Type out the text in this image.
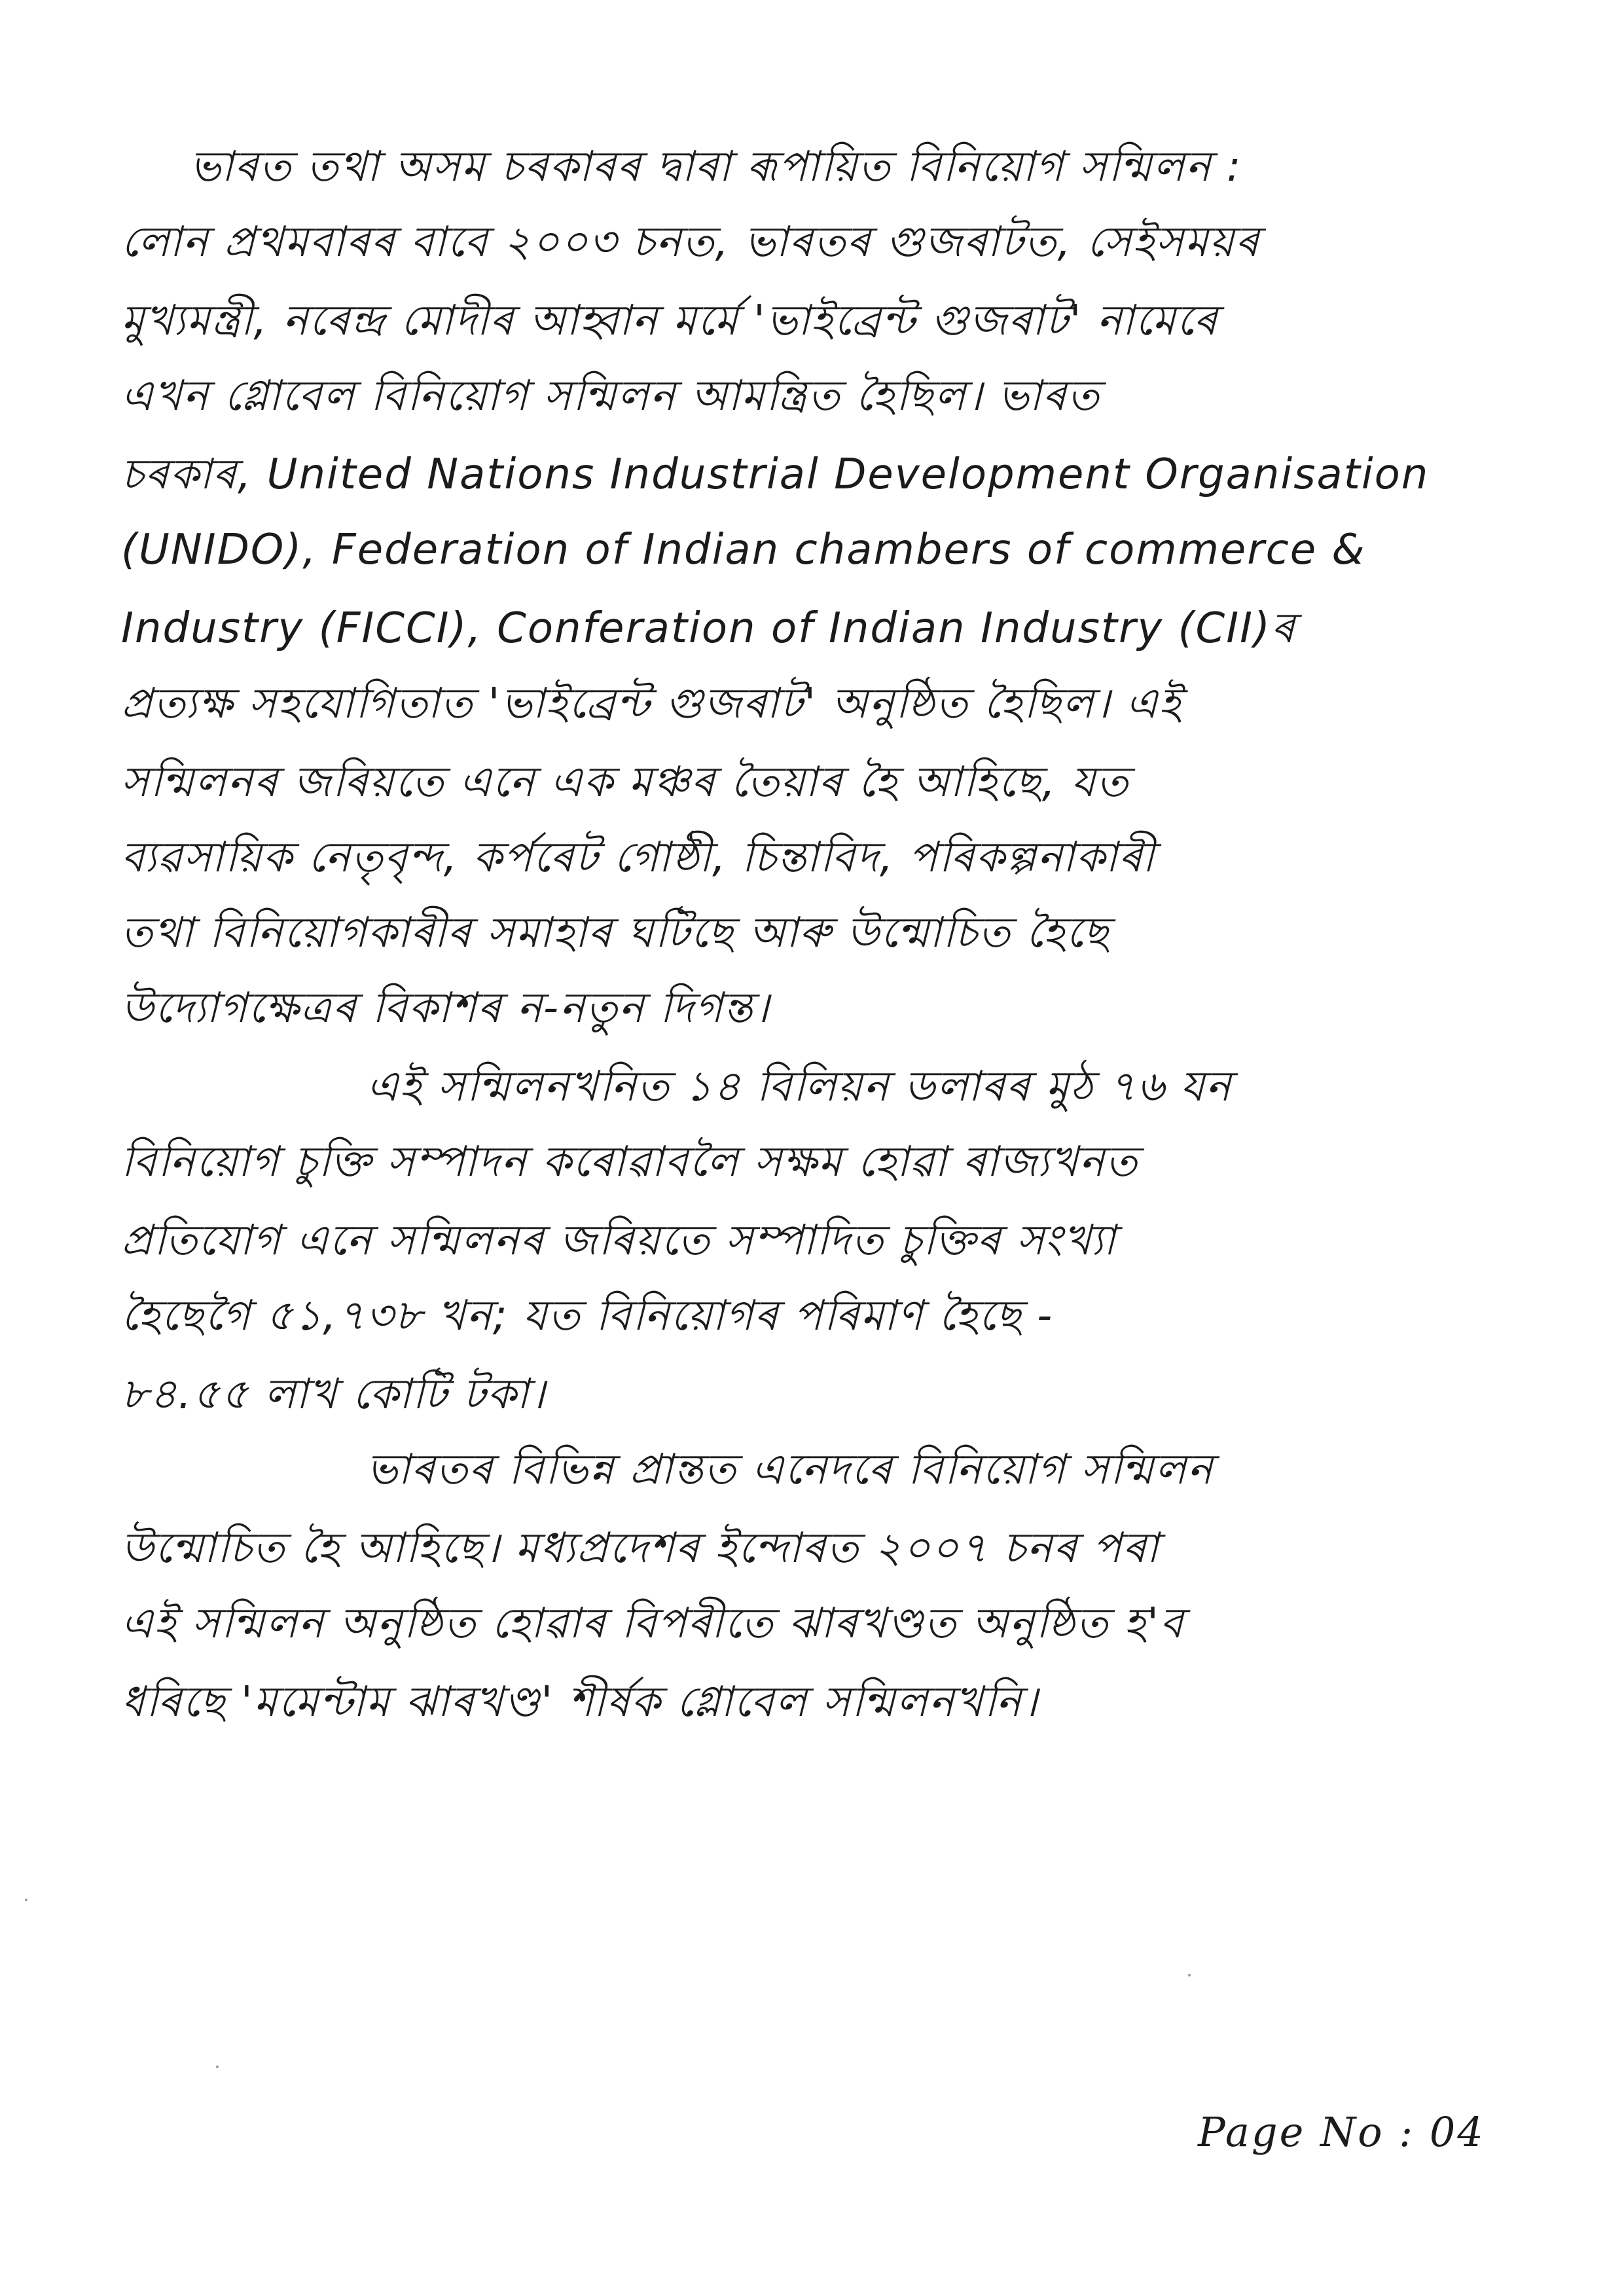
ভাৰত তথা অসম চৰকাৰৰ দ্বাৰা ৰূপায়িত বিনিয়োগ সন্মিলন :
লোন প্ৰথমবাৰৰ বাবে ২০০৩ চনত, ভাৰতৰ গুজৰাটত, সেইসময়ৰ
মুখ্যমন্ত্ৰী, নৰেন্দ্ৰ মোদীৰ আহ্বান মৰ্মে 'ভাইব্ৰেন্ট গুজৰাট' নামেৰে
এখন গ্লোবেল বিনিয়োগ সন্মিলন আমন্ত্ৰিত হৈছিল। ভাৰত
চৰকাৰ, United Nations Industrial Development Organisation
(UNIDO), Federation of Indian chambers of commerce &
Industry (FICCI), Conferation of Indian Industry (CII)ৰ
প্ৰত্যক্ষ সহযোগিতাত 'ভাইব্ৰেন্ট গুজৰাট' অনুষ্ঠিত হৈছিল। এই
সন্মিলনৰ জৰিয়তে এনে এক মঞ্চৰ তৈয়াৰ হৈ আহিছে, যত
ব্যৱসায়িক নেতৃবৃন্দ, কৰ্পৰেট গোষ্ঠী, চিন্তাবিদ, পৰিকল্পনাকাৰী
তথা বিনিয়োগকাৰীৰ সমাহাৰ ঘটিছে আৰু উন্মোচিত হৈছে
উদ্যোগক্ষেত্ৰৰ বিকাশৰ ন-নতুন দিগন্ত।
এই সন্মিলনখনিত ১৪ বিলিয়ন ডলাৰৰ মুঠ ৭৬ যন
বিনিয়োগ চুক্তি সম্পাদন কৰোৱাবলৈ সক্ষম হোৱা ৰাজ্যখনত
প্ৰতিযোগ এনে সন্মিলনৰ জৰিয়তে সম্পাদিত চুক্তিৰ সংখ্যা
হৈছেগৈ ৫১,৭৩৮ খন; যত বিনিয়োগৰ পৰিমাণ হৈছে -
৮৪.৫৫ লাখ কোটি টকা।
ভাৰতৰ বিভিন্ন প্ৰান্তত এনেদৰে বিনিয়োগ সন্মিলন
উন্মোচিত হৈ আহিছে। মধ্যপ্ৰদেশৰ ইন্দোৰত ২০০৭ চনৰ পৰা
এই সন্মিলন অনুষ্ঠিত হোৱাৰ বিপৰীতে ঝাৰখণ্ডত অনুষ্ঠিত হ'ব
ধৰিছে 'মমেন্টাম ঝাৰখণ্ড' শীৰ্ষক গ্লোবেল সন্মিলনখনি।
Page No : 04
